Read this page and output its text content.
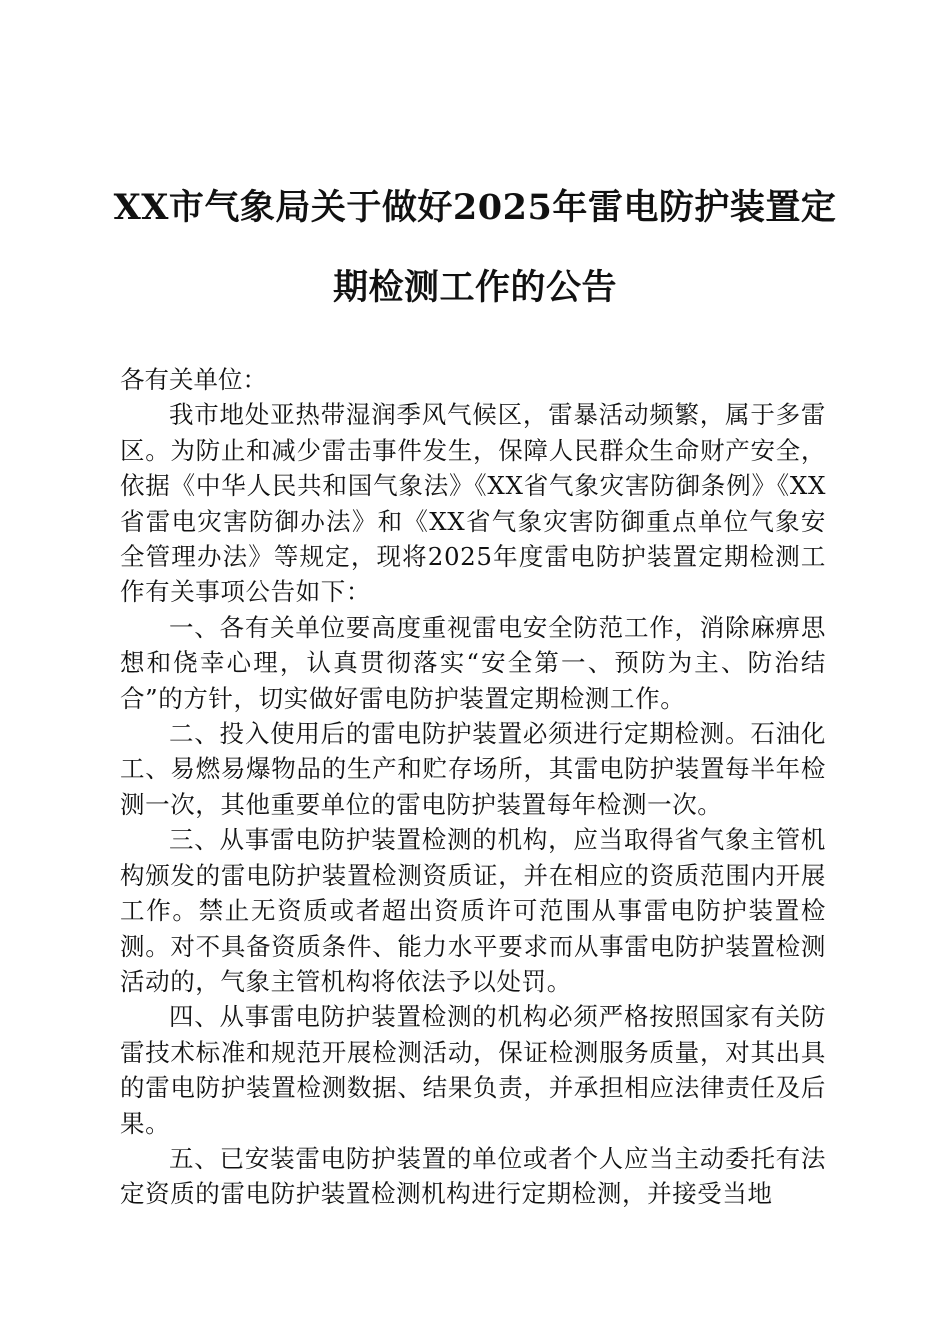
XX市气象局关于做好2025年雷电防护装置定
期检测工作的公告

各有关单位：

我市地处亚热带湿润季风气候区，雷暴活动频繁，属于多雷区。为防止和减少雷击事件发生，保障人民群众生命财产安全，依据《中华人民共和国气象法》《XX省气象灾害防御条例》《XX省雷电灾害防御办法》和《XX省气象灾害防御重点单位气象安全管理办法》等规定，现将2025年度雷电防护装置定期检测工作有关事项公告如下：

一、各有关单位要高度重视雷电安全防范工作，消除麻痹思想和侥幸心理，认真贯彻落实“安全第一、预防为主、防治结合”的方针，切实做好雷电防护装置定期检测工作。

二、投入使用后的雷电防护装置必须进行定期检测。石油化工、易燃易爆物品的生产和贮存场所，其雷电防护装置每半年检测一次，其他重要单位的雷电防护装置每年检测一次。

三、从事雷电防护装置检测的机构，应当取得省气象主管机构颁发的雷电防护装置检测资质证，并在相应的资质范围内开展工作。禁止无资质或者超出资质许可范围从事雷电防护装置检测。对不具备资质条件、能力水平要求而从事雷电防护装置检测活动的，气象主管机构将依法予以处罚。

四、从事雷电防护装置检测的机构必须严格按照国家有关防雷技术标准和规范开展检测活动，保证检测服务质量，对其出具的雷电防护装置检测数据、结果负责，并承担相应法律责任及后果。

五、已安装雷电防护装置的单位或者个人应当主动委托有法定资质的雷电防护装置检测机构进行定期检测，并接受当地
